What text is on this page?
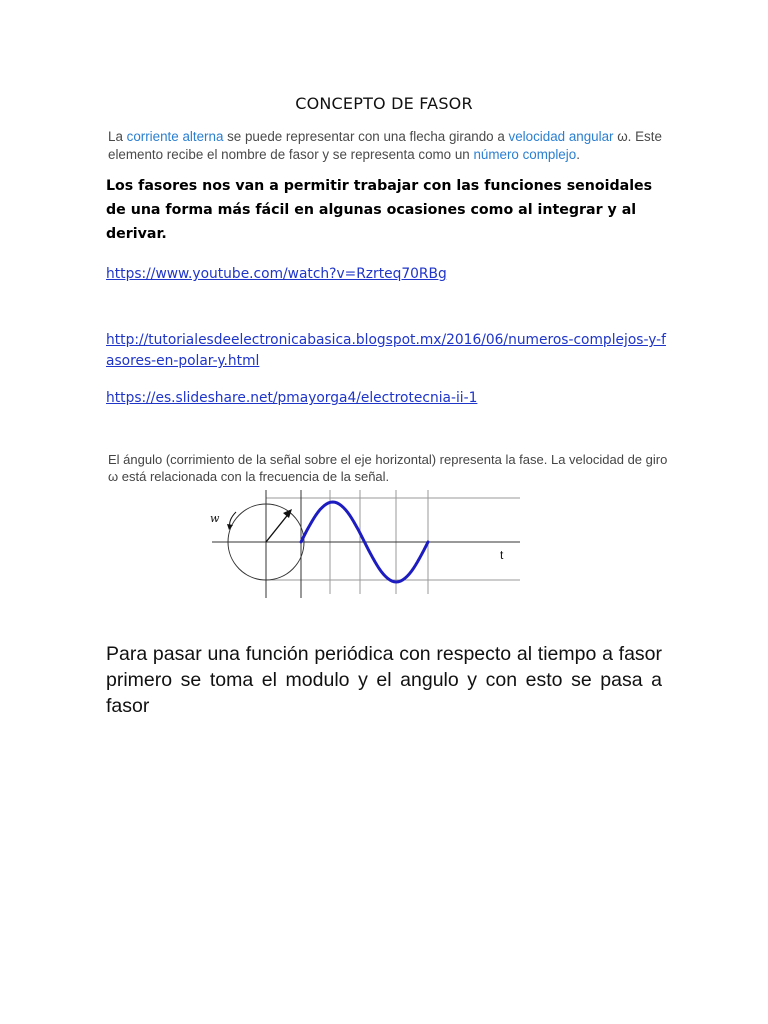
CONCEPTO DE FASOR
La corriente alterna se puede representar con una flecha girando a velocidad angular ω. Este elemento recibe el nombre de fasor y se representa como un número complejo.
Los fasores nos van a permitir trabajar con las funciones senoidales de una forma más fácil en algunas ocasiones como al integrar y al derivar.
https://www.youtube.com/watch?v=Rzrteq70RBg
http://tutorialesdeelectronicabasica.blogspot.mx/2016/06/numeros-complejos-y-fasores-en-polar-y.html
https://es.slideshare.net/pmayorga4/electrotecnia-ii-1
El ángulo (corrimiento de la señal sobre el eje horizontal) representa la fase. La velocidad de giro ω está relacionada con la frecuencia de la señal.
w
t
Para pasar una función periódica con respecto al tiempo a fasor primero se toma el modulo y el angulo y con esto se pasa a fasor
